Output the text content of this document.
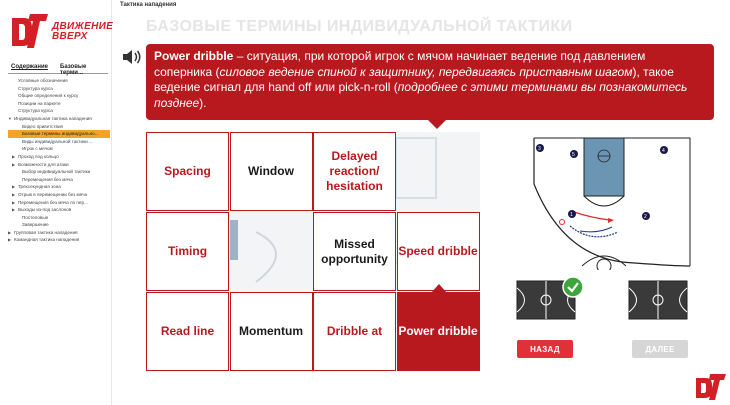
ДВИЖЕНИЕ
ВВЕРХ
Содержание Базовые терми...
Условные обозначения
Структура курса
Общие определения к курсу
Позиции на паркете
Структура курса
▼ Индивидуальная тактика нападения
Видео приветствия
Базовые термины индивидуально...
Виды индивидуальной тактики ...
Игрок с мячом
▶ Проход под кольцо
▶ Возможности для атаки
Выбор индивидуальной тактики
Перемещения без мяча
▶ Трехсекундная зона
▶ Отрыв в перемещении без мяча
▶ Перемещения без мяча по пер...
▶ Выходы из-под заслонов
Постеловые
Завершение
▶ Групповая тактика нападения
▶ Командная тактика нападения
Тактика нападения
БАЗОВЫЕ ТЕРМИНЫ ИНДИВИДУАЛЬНОЙ ТАКТИКИ
Power dribble – ситуация, при которой игрок с мячом начинает ведение под давлением соперника (силовое ведение спиной к защитнику, передвигаясь приставным шагом), такое ведение сигнал для hand off или pick-n-roll (подробнее с этими терминами вы познакомитесь позднее).
Spacing	Window
Delayed reaction/ hesitation
Timing
Missed opportunity
Speed dribble
Read line Momentum Dribble at Power dribble
3
5
4
2
1
НАЗАД	ДАЛЕЕ
